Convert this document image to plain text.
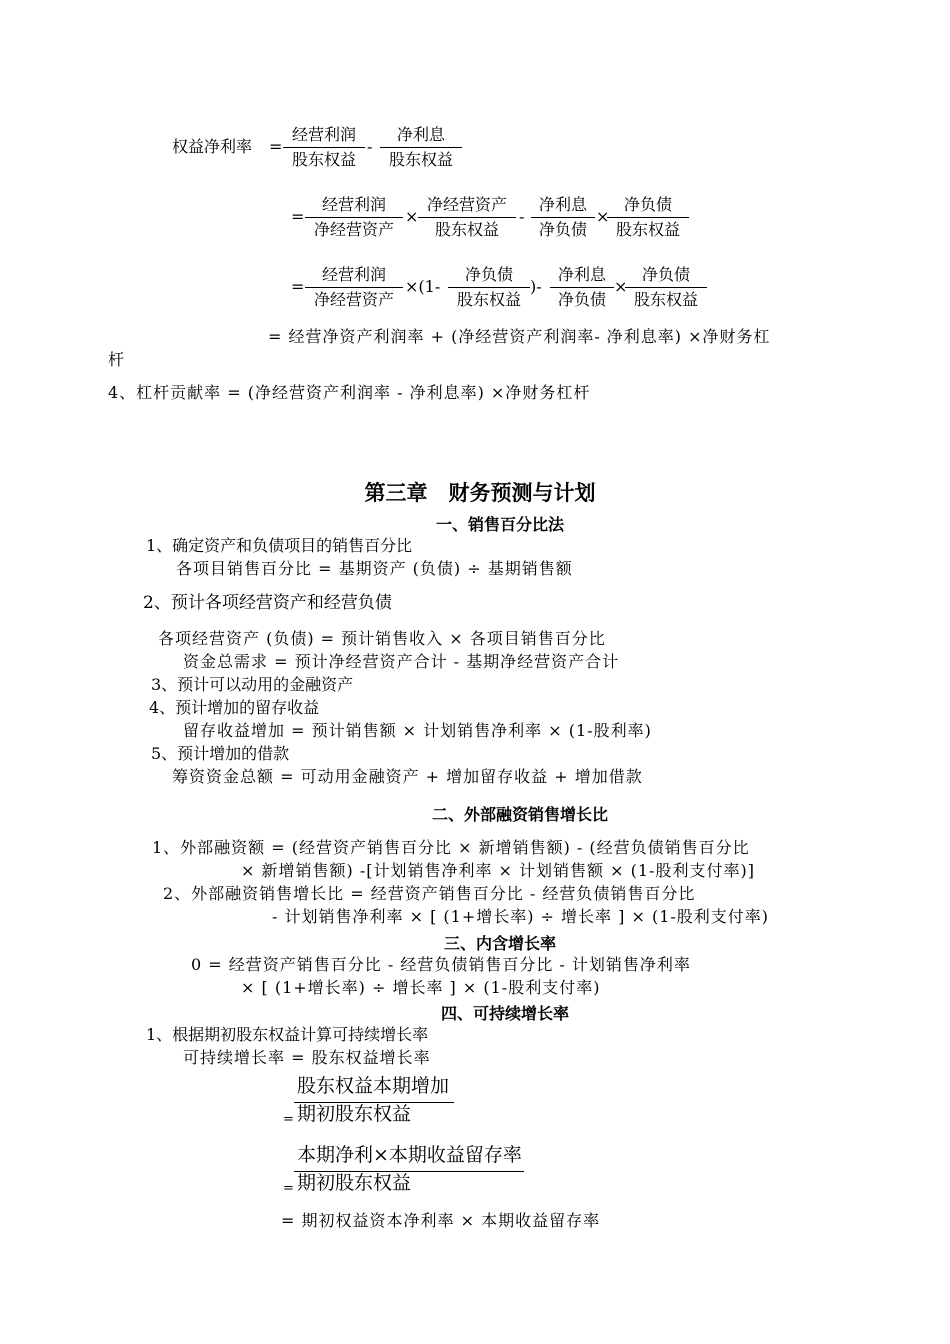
权益净利率 =
经营利润
股东权益
-
净利息
股东权益
=
经营利润
净经营资产
×
净经营资产
股东权益
-
净利息
净负债
×
净负债
股东权益
=
经营利润
净经营资产
×(1-
净负债
股东权益
)-
净利息
净负债
×
净负债
股东权益
= 经营净资产利润率 + (净经营资产利润率- 净利息率) ×净财务杠
杆
4、杠杆贡献率 = (净经营资产利润率 - 净利息率) ×净财务杠杆
第三章　财务预测与计划
一、销售百分比法
1、确定资产和负债项目的销售百分比
各项目销售百分比 = 基期资产 (负债) ÷ 基期销售额
2、预计各项经营资产和经营负债
各项经营资产 (负债) = 预计销售收入 × 各项目销售百分比
资金总需求 = 预计净经营资产合计 - 基期净经营资产合计
3、预计可以动用的金融资产
4、预计增加的留存收益
留存收益增加 = 预计销售额 × 计划销售净利率 × (1-股利率)
5、预计增加的借款
筹资资金总额 = 可动用金融资产 + 增加留存收益 + 增加借款
二、外部融资销售增长比
1、外部融资额 = (经营资产销售百分比 × 新增销售额) - (经营负债销售百分比
× 新增销售额) -[计划销售净利率 × 计划销售额 × (1-股利支付率)]
2、外部融资销售增长比 = 经营资产销售百分比 - 经营负债销售百分比
- 计划销售净利率 × [ (1+增长率) ÷ 增长率 ] × (1-股利支付率)
三、内含增长率
0 = 经营资产销售百分比 - 经营负债销售百分比 - 计划销售净利率
× [ (1+增长率) ÷ 增长率 ] × (1-股利支付率)
四、可持续增长率
1、根据期初股东权益计算可持续增长率
可持续增长率 = 股东权益增长率
股东权益本期增加
= 期初股东权益
本期净利×本期收益留存率
= 期初股东权益
= 期初权益资本净利率 × 本期收益留存率
